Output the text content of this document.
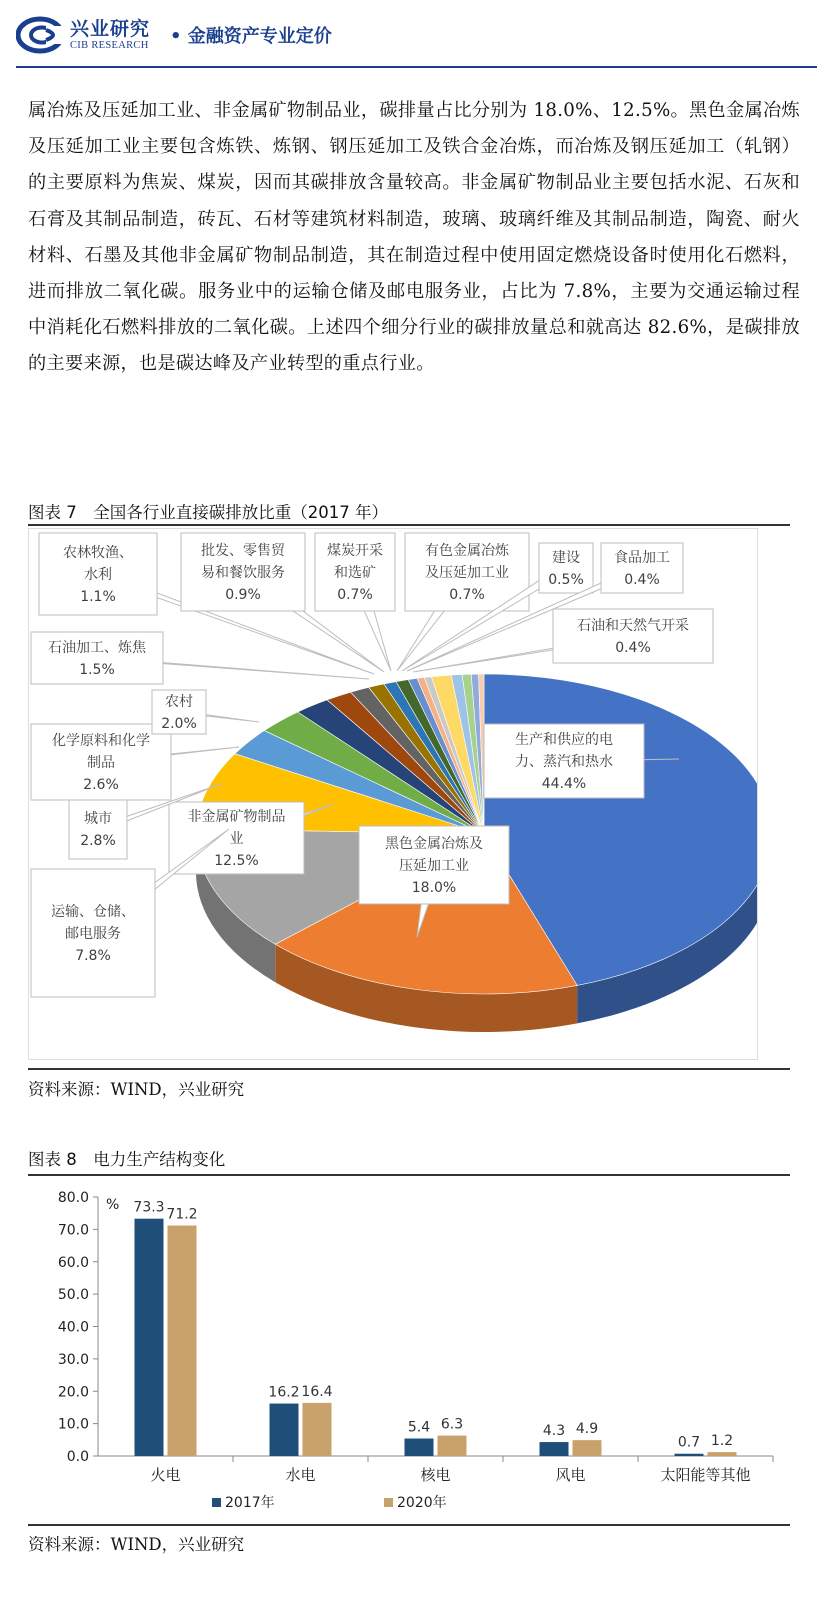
兴业研究
CIB RESEARCH • 金融资产专业定价

属冶炼及压延加工业、非金属矿物制品业，碳排量占比分别为 18.0%、12.5%。黑色金属冶炼及压延加工业主要包含炼铁、炼钢、钢压延加工及铁合金冶炼，而冶炼及钢压延加工（轧钢）的主要原料为焦炭、煤炭，因而其碳排放含量较高。非金属矿物制品业主要包括水泥、石灰和石膏及其制品制造，砖瓦、石材等建筑材料制造，玻璃、玻璃纤维及其制品制造，陶瓷、耐火材料、石墨及其他非金属矿物制品制造，其在制造过程中使用固定燃烧设备时使用化石燃料，进而排放二氧化碳。服务业中的运输仓储及邮电服务业，占比为 7.8%，主要为交通运输过程中消耗化石燃料排放的二氧化碳。上述四个细分行业的碳排放量总和就高达 82.6%，是碳排放的主要来源，也是碳达峰及产业转型的重点行业。

图表 7　全国各行业直接碳排放比重（2017 年）
生产和供应的电
力、蒸汽和热水
44.4%
黑色金属冶炼及
压延加工业
18.0%
非金属矿物制品
业
12.5%
运输、仓储、
邮电服务
7.8%
城市
2.8%
化学原料和化学
制品
2.6%
农村
2.0%
石油加工、炼焦
1.5%
农林牧渔、
水利
1.1%
批发、零售贸
易和餐饮服务
0.9%
煤炭开采
和选矿
0.7%
有色金属冶炼
及压延加工业
0.7%
建设
0.5%
食品加工
0.4%
石油和天然气开采
0.4%
资料来源：WIND，兴业研究
图表 8　电力生产结构变化
0.0
10.0
20.0
30.0
40.0
50.0
60.0
70.0
80.0 % 73.3 71.2
火电
16.2 16.4
水电
5.4 6.3
核电
4.3 4.9
风电
0.7 1.2
太阳能等其他
2017年	2020年
资料来源：WIND，兴业研究
